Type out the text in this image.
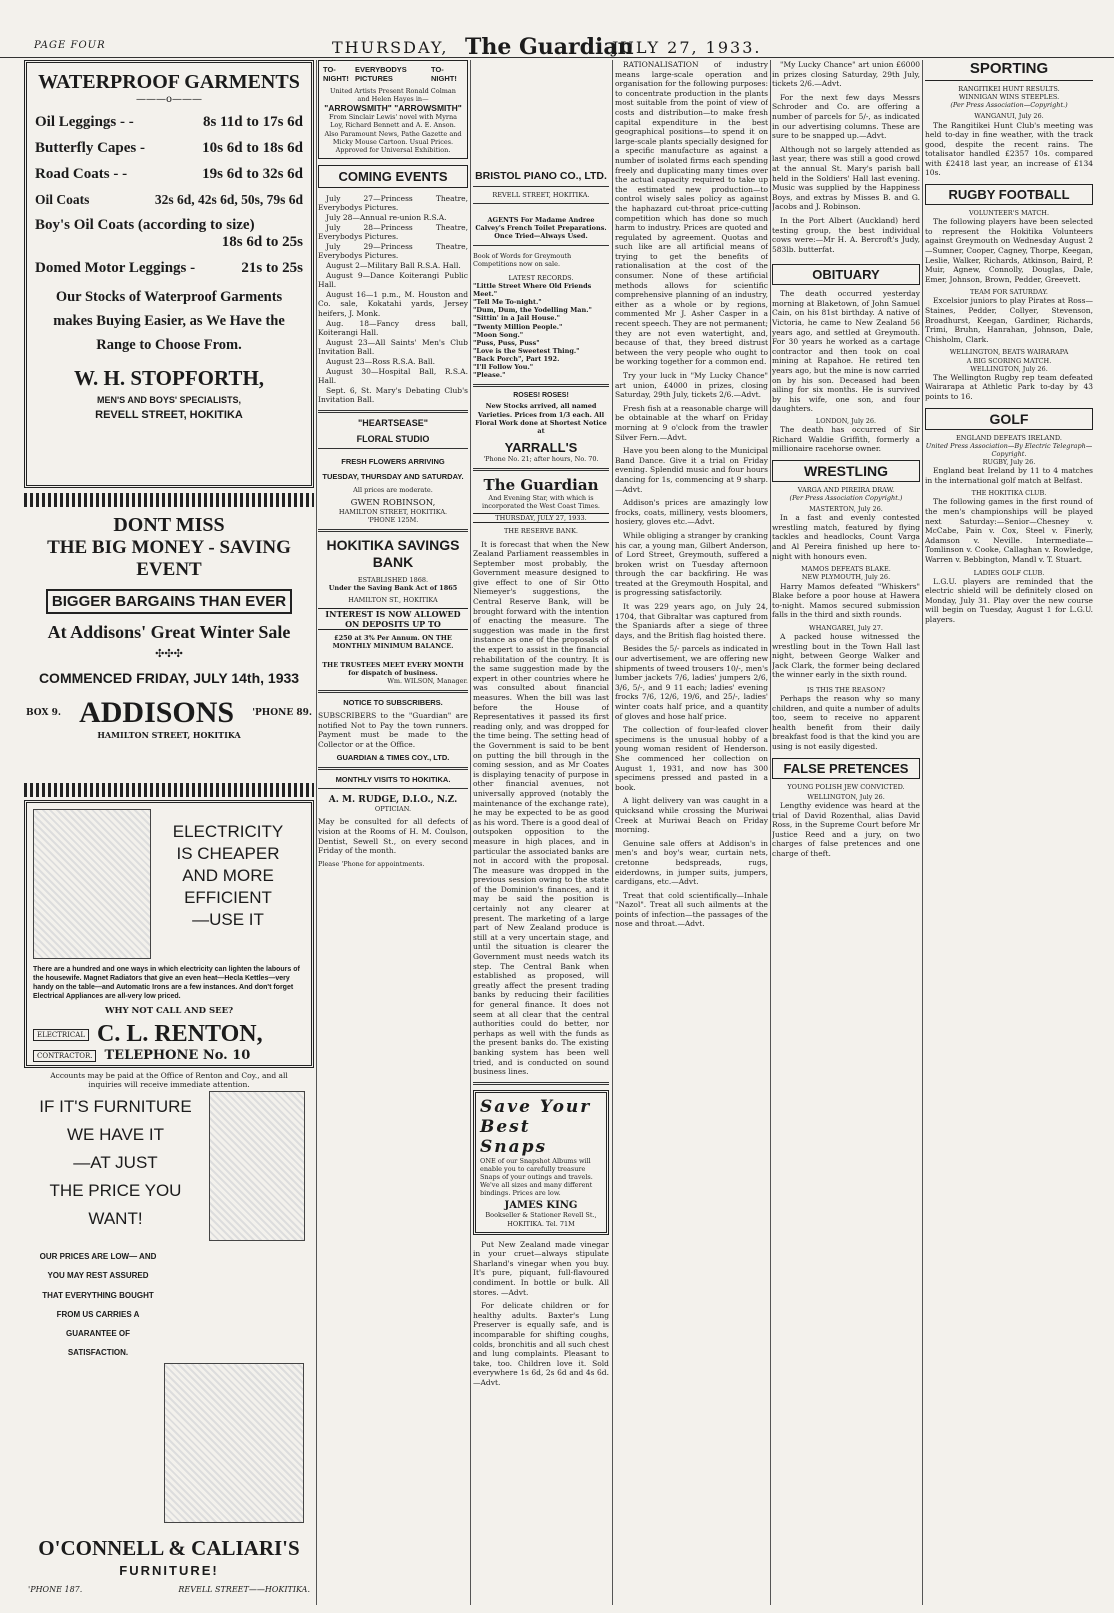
PAGE FOUR	THURSDAY, The Guardian
JULY 27, 1933.
WATERPROOF GARMENTS
———o———
Oil Leggings - -	8s 11d to 17s 6d
Butterfly Capes -	10s 6d to 18s 6d
Road Coats - -	19s 6d to 32s 6d
Oil Coats	32s 6d, 42s 6d, 50s, 79s 6d
Boy's Oil Coats (according to size)
18s 6d to 25s
Domed Motor Leggings -	21s to 25s
Our Stocks of Waterproof Garments makes Buying Easier, as We Have the Range to Choose From.
W. H. STOPFORTH,
MEN'S AND BOYS' SPECIALISTS,
REVELL STREET, HOKITIKA
DONT MISS
THE BIG MONEY - SAVING EVENT
BIGGER BARGAINS THAN EVER
At Addisons' Great Winter Sale
✣✣✣
COMMENCED FRIDAY, JULY 14th, 1933
BOX 9. ADDISONS 'PHONE 89.
HAMILTON STREET, HOKITIKA
ELECTRICITY
IS CHEAPER
AND MORE
EFFICIENT
—USE IT
There are a hundred and one ways in which electricity can lighten the labours of the housewife. Magnet Radiators that give an even heat—Hecla Kettles—very handy on the table—and Automatic Irons are a few instances. And don't forget Electrical Appliances are all-very low priced.
WHY NOT CALL AND SEE?
ELECTRICAL C. L. RENTON,
CONTRACTOR. TELEPHONE No. 10
Accounts may be paid at the Office of Renton and Coy., and all inquiries will receive immediate attention.
IF IT'S FURNITURE
WE HAVE IT
—AT JUST
THE PRICE YOU
WANT!
OUR PRICES ARE LOW— AND YOU MAY REST ASSURED THAT EVERYTHING BOUGHT FROM US CARRIES A GUARANTEE OF SATISFACTION.
O'CONNELL & CALIARI'S
FURNITURE!
'PHONE 187.	REVELL STREET——HOKITIKA.
TO-NIGHT!
EVERYBODYS PICTURES
TO-NIGHT!
United Artists Present Ronald Colman and Helen Hayes in—
"ARROWSMITH" "ARROWSMITH"
From Sinclair Lewis' novel with Myrna Loy, Richard Bennett and A. E. Anson. Also Paramount News, Pathe Gazette and Micky Mouse Cartoon. Usual Prices. Approved for Universal Exhibition.
COMING EVENTS
July 27—Princess Theatre, Everybodys Pictures.
July 28—Annual re-union R.S.A.
July 28—Princess Theatre, Everybodys Pictures.
July 29—Princess Theatre, Everybodys Pictures.
August 2—Military Ball R.S.A. Hall.
August 9—Dance Koiterangi Public Hall.
August 16—1 p.m., M. Houston and Co. sale, Kokatahi yards, Jersey heifers, J. Monk.
Aug. 18—Fancy dress ball, Koiterangi Hall.
August 23—All Saints' Men's Club Invitation Ball.
August 23—Ross R.S.A. Ball.
August 30—Hospital Ball, R.S.A. Hall.
Sept. 6, St. Mary's Debating Club's Invitation Ball.
"HEARTSEASE"
FLORAL STUDIO
FRESH FLOWERS ARRIVING
TUESDAY, THURSDAY AND SATURDAY.
All prices are moderate.
GWEN ROBINSON,
HAMILTON STREET, HOKITIKA.
'PHONE 125M.
HOKITIKA SAVINGS BANK
ESTABLISHED 1868.
Under the Saving Bank Act of 1865
HAMILTON ST., HOKITIKA
INTEREST IS NOW ALLOWED ON DEPOSITS UP TO
£250 at 3% Per Annum. ON THE MONTHLY MINIMUM BALANCE.
THE TRUSTEES MEET EVERY MONTH for dispatch of business.
Wm. WILSON, Manager.
NOTICE TO SUBSCRIBERS.
SUBSCRIBERS to the "Guardian" are notified Not to Pay the town runners. Payment must be made to the Collector or at the Office.
GUARDIAN & TIMES COY., LTD.
MONTHLY VISITS TO HOKITIKA.
A. M. RUDGE, D.I.O., N.Z.
OPTICIAN.
May be consulted for all defects of vision at the Rooms of H. M. Coulson, Dentist, Sewell St., on every second Friday of the month.
Please 'Phone for appointments.
BRISTOL PIANO CO., LTD.
REVELL STREET, HOKITIKA.
AGENTS For Madame Andree Calvey's French Toilet Preparations. Once Tried—Always Used.
Book of Words for Greymouth Competitions now on sale.
LATEST RECORDS.
"Little Street Where Old Friends Meet."
"Tell Me To-night."
"Dum, Dum, the Yodelling Man."
"Sittin' in a Jail House."
"Twenty Million People."
"Moon Song."
"Puss, Puss, Puss"
"Love is the Sweetest Thing."
"Back Porch", Part 192.
"I'll Follow You."
"Please."
ROSES! ROSES!
New Stocks arrived, all named Varieties. Prices from 1/3 each. All Floral Work done at Shortest Notice at
YARRALL'S
'Phone No. 21; after hours, No. 70.
The Guardian
And Evening Star, with which is incorporated the West Coast Times.
THURSDAY, JULY 27, 1933.
THE RESERVE BANK.
It is forecast that when the New Zealand Parliament reassembles in September most probably, the Government measure designed to give effect to one of Sir Otto Niemeyer's suggestions, the Central Reserve Bank, will be brought forward with the intention of enacting the measure. The suggestion was made in the first instance as one of the proposals of the expert to assist in the financial rehabilitation of the country. It is the same suggestion made by the expert in other countries where he was consulted about financial measures. When the bill was last before the House of Representatives it passed its first reading only, and was dropped for the time being. The setting head of the Government is said to be bent on putting the bill through in the coming session, and as Mr Coates is displaying tenacity of purpose in other financial avenues, not universally approved (notably the maintenance of the exchange rate), he may be expected to be as good as his word. There is a good deal of outspoken opposition to the measure in high places, and in particular the associated banks are not in accord with the proposal. The measure was dropped in the previous session owing to the state of the Dominion's finances, and it may be said the position is certainly not any clearer at present. The marketing of a large part of New Zealand produce is still at a very uncertain stage, and until the situation is clearer the Government must needs watch its step. The Central Bank when established as proposed, will greatly affect the present trading banks by reducing their facilities for general finance. It does not seem at all clear that the central authorities could do better, nor perhaps as well with the funds as the present banks do. The existing banking system has been well tried, and is conducted on sound business lines.
Save Your
Best Snaps
ONE of our Snapshot Albums will enable you to carefully treasure Snaps of your outings and travels. We've all sizes and many different bindings. Prices are low.
JAMES KING
Bookseller & Stationer Revell St., HOKITIKA. Tel. 71M
Put New Zealand made vinegar in your cruet—always stipulate Sharland's vinegar when you buy. It's pure, piquant, full-flavoured condiment. In bottle or bulk. All stores. —Advt.
For delicate children or for healthy adults. Baxter's Lung Preserver is equally safe, and is incomparable for shifting coughs, colds, bronchitis and all such chest and lung complaints. Pleasant to take, too. Children love it. Sold everywhere 1s 6d, 2s 6d and 4s 6d.—Advt.
RATIONALISATION of industry means large-scale operation and organisation for the following purposes: to concentrate production in the plants most suitable from the point of view of costs and distribution—to make fresh capital expenditure in the best geographical positions—to spend it on large-scale plants specially designed for a specific manufacture as against a number of isolated firms each spending freely and duplicating many times over the actual capacity required to take up the estimated new production—to control wisely sales policy as against the haphazard cut-throat price-cutting competition which has done so much harm to industry. Prices are quoted and regulated by agreement. Quotas and such like are all artificial means of trying to get the benefits of rationalisation at the cost of the consumer. None of these artificial methods allows for scientific comprehensive planning of an industry, either as a whole or by regions, commented Mr J. Asher Casper in a recent speech. They are not permanent; they are not even watertight, and, because of that, they breed distrust between the very people who ought to be working together for a common end.
Try your luck in "My Lucky Chance" art union, £4000 in prizes, closing Saturday, 29th July, tickets 2/6.—Advt.
Fresh fish at a reasonable charge will be obtainable at the wharf on Friday morning at 9 o'clock from the trawler Silver Fern.—Advt.
Have you been along to the Municipal Band Dance. Give it a trial on Friday evening. Splendid music and four hours dancing for 1s, commencing at 9 sharp.—Advt.
Addison's prices are amazingly low frocks, coats, millinery, vests bloomers, hosiery, gloves etc.—Advt.
While obliging a stranger by cranking his car, a young man, Gilbert Anderson, of Lord Street, Greymouth, suffered a broken wrist on Tuesday afternoon through the car backfiring. He was treated at the Greymouth Hospital, and is progressing satisfactorily.
It was 229 years ago, on July 24, 1704, that Gibraltar was captured from the Spaniards after a siege of three days, and the British flag hoisted there.
Besides the 5/- parcels as indicated in our advertisement, we are offering new shipments of tweed trousers 10/-, men's lumber jackets 7/6, ladies' jumpers 2/6, 3/6, 5/-, and 9 11 each; ladies' evening frocks 7/6, 12/6, 19/6, and 25/-, ladies' winter coats half price, and a quantity of gloves and hose half price.
The collection of four-leafed clover specimens is the unusual hobby of a young woman resident of Henderson. She commenced her collection on August 1, 1931, and now has 300 specimens pressed and pasted in a book.
A light delivery van was caught in a quicksand while crossing the Muriwai Creek at Muriwai Beach on Friday morning.
Genuine sale offers at Addison's in men's and boy's wear, curtain nets, cretonne bedspreads, rugs, eiderdowns, in jumper suits, jumpers, cardigans, etc.—Advt.
Treat that cold scientifically—Inhale "Nazol". Treat all such ailments at the points of infection—the passages of the nose and throat.—Advt.
"My Lucky Chance" art union £6000 in prizes closing Saturday, 29th July, tickets 2/6.—Advt.
For the next few days Messrs Schroder and Co. are offering a number of parcels for 5/-, as indicated in our advertising columns. These are sure to be snapped up.—Advt.
Although not so largely attended as last year, there was still a good crowd at the annual St. Mary's parish ball held in the Soldiers' Hall last evening. Music was supplied by the Happiness Boys, and extras by Misses B. and G. Jacobs and J. Robinson.
In the Port Albert (Auckland) herd testing group, the best individual cows were:—Mr H. A. Bercroft's Judy, 583lb. butterfat.
OBITUARY
The death occurred yesterday morning at Blaketown, of John Samuel Cain, on his 81st birthday. A native of Victoria, he came to New Zealand 56 years ago, and settled at Greymouth. For 30 years he worked as a cartage contractor and then took on coal mining at Rapahoe. He retired ten years ago, but the mine is now carried on by his son. Deceased had been ailing for six months. He is survived by his wife, one son, and four daughters.
LONDON, July 26.
The death has occurred of Sir Richard Waldie Griffith, formerly a millionaire racehorse owner.
WRESTLING
VARGA AND PIREIRA DRAW.
(Per Press Association Copyright.)
MASTERTON, July 26.
In a fast and evenly contested wrestling match, featured by flying tackles and headlocks, Count Varga and Al Pereira finished up here to-night with honours even.
MAMOS DEFEATS BLAKE.
NEW PLYMOUTH, July 26.
Harry Mamos defeated "Whiskers" Blake before a poor house at Hawera to-night. Mamos secured submission falls in the third and sixth rounds.
WHANGAREI, July 27.
A packed house witnessed the wrestling bout in the Town Hall last night, between George Walker and Jack Clark, the former being declared the winner early in the sixth round.
IS THIS THE REASON?
Perhaps the reason why so many children, and quite a number of adults too, seem to receive no apparent health benefit from their daily breakfast food is that the kind you are using is not easily digested.
FALSE PRETENCES
YOUNG POLISH JEW CONVICTED.
WELLINGTON, July 26.
Lengthy evidence was heard at the trial of David Rozenthal, alias David Ross, in the Supreme Court before Mr Justice Reed and a jury, on two charges of false pretences and one charge of theft.
SPORTING
RANGITIKEI HUNT RESULTS.
WINNIGAN WINS STEEPLES.
(Per Press Association—Copyright.)
WANGANUI, July 26.
The Rangitikei Hunt Club's meeting was held to-day in fine weather, with the track good, despite the recent rains. The totalisator handled £2357 10s. compared with £2418 last year, an increase of £134 10s.
RUGBY FOOTBALL
VOLUNTEER'S MATCH.
The following players have been selected to represent the Hokitika Volunteers against Greymouth on Wednesday August 2—Sumner, Cooper, Cagney, Thorpe, Keegan, Leslie, Walker, Richards, Atkinson, Baird, P. Muir, Agnew, Connolly, Douglas, Dale, Emer, Johnson, Brown, Pedder, Greevett.
TEAM FOR SATURDAY.
Excelsior juniors to play Pirates at Ross—Staines, Pedder, Collyer, Stevenson, Broadhurst, Keegan, Gardiner, Richards, Trimi, Bruhn, Hanrahan, Johnson, Dale, Chisholm, Clark.
WELLINGTON, BEATS WAIRARAPA
A BIG SCORING MATCH.
WELLINGTON, July 26.
The Wellington Rugby rep team defeated Wairarapa at Athletic Park to-day by 43 points to 16.
GOLF
ENGLAND DEFEATS IRELAND.
United Press Association—By Electric Telegraph—Copyright.
RUGBY, July 26.
England beat Ireland by 11 to 4 matches in the international golf match at Belfast.
THE HOKITIKA CLUB.
The following games in the first round of the men's championships will be played next Saturday:—Senior—Chesney v. McCabe, Pain v. Cox, Steel v. Finerly, Adamson v. Neville. Intermediate—Tomlinson v. Cooke, Callaghan v. Rowledge, Warren v. Bebbington, Mandl v. T. Stuart.
LADIES GOLF CLUB.
L.G.U. players are reminded that the electric shield will be definitely closed on Monday, July 31. Play over the new course will begin on Tuesday, August 1 for L.G.U. players.
